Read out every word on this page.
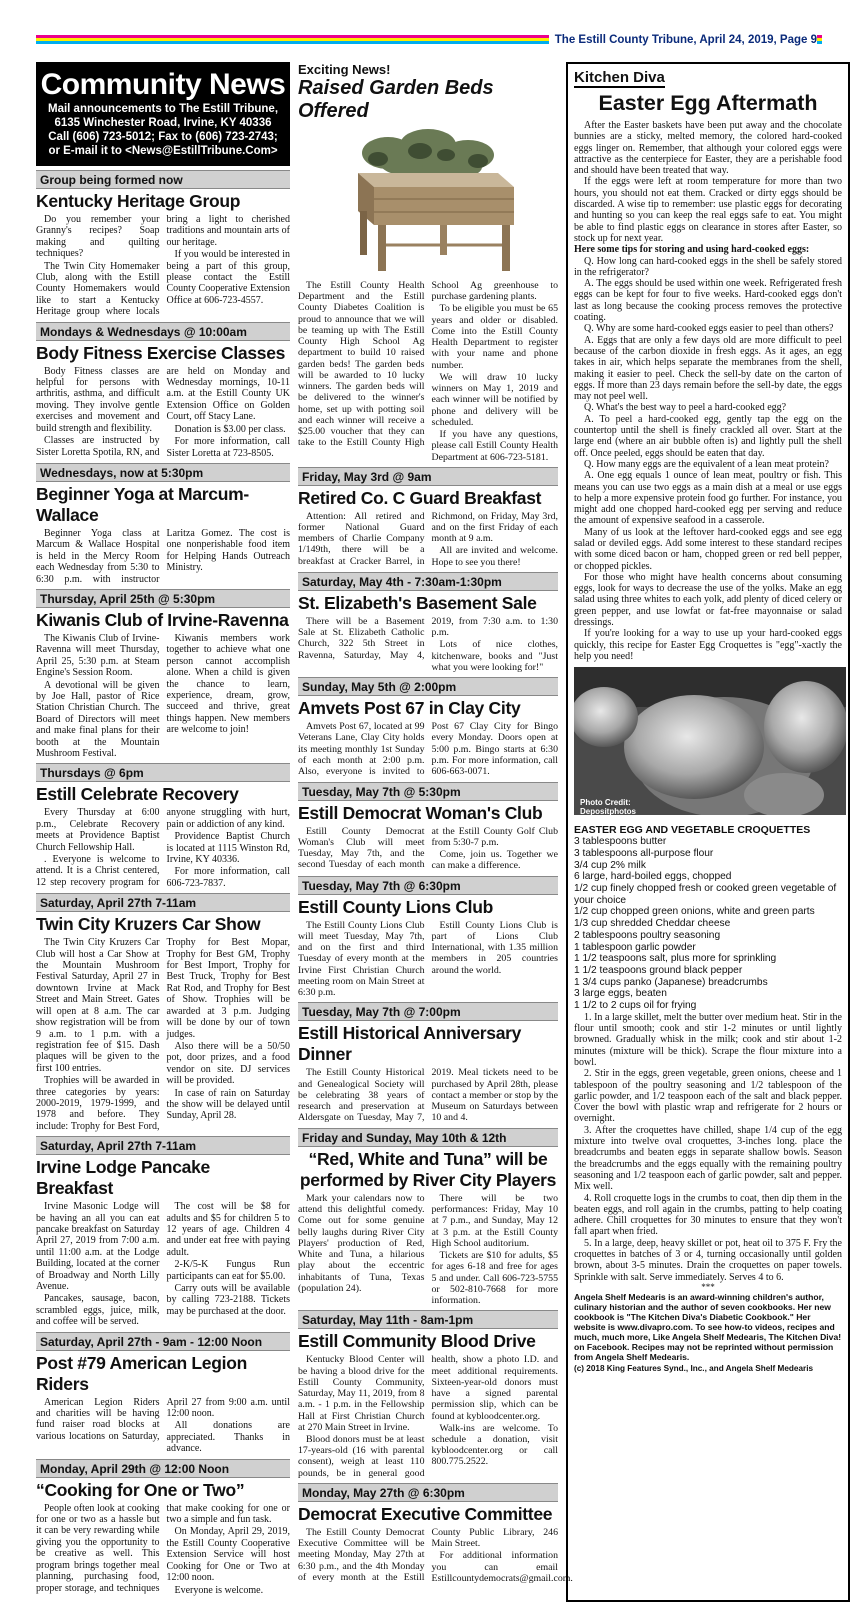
The Estill County Tribune, April 24, 2019, Page 9
Community News
Mail announcements to The Estill Tribune,
6135 Winchester Road, Irvine, KY 40336
Call (606) 723-5012; Fax to (606) 723-2743;
or E-mail it to <News@EstillTribune.Com>
Group being formed now
Kentucky Heritage Group

Do you remember your Granny's recipes? Soap making and quilting techniques?

The Twin City Homemaker Club, along with the Estill County Homemakers would like to start a Kentucky Heritage group where locals bring a light to cherished traditions and mountain arts of our heritage.

If you would be interested in being a part of this group, please contact the Estill County Cooperative Extension Office at 606-723-4557.

Mondays & Wednesdays @ 10:00am
Body Fitness Exercise Classes

Body Fitness classes are helpful for persons with arthritis, asthma, and difficult moving. They involve gentle exercises and movement and build strength and flexibility.

Classes are instructed by Sister Loretta Spotila, RN, and are held on Monday and Wednesday mornings, 10-11 a.m. at the Estill County UK Extension Office on Golden Court, off Stacy Lane.

Donation is $3.00 per class.

For more information, call Sister Loretta at 723-8505.

Wednesdays, now at 5:30pm
Beginner Yoga at Marcum-Wallace

Beginner Yoga class at Marcum & Wallace Hospital is held in the Mercy Room each Wednesday from 5:30 to 6:30 p.m. with instructor Laritza Gomez. The cost is one nonperishable food item for Helping Hands Outreach Ministry.

Thursday, April 25th @ 5:30pm
Kiwanis Club of Irvine-Ravenna

The Kiwanis Club of Irvine-Ravenna will meet Thursday, April 25, 5:30 p.m. at Steam Engine's Session Room.

A devotional will be given by Joe Hall, pastor of Rice Station Christian Church. The Board of Directors will meet and make final plans for their booth at the Mountain Mushroom Festival.

Kiwanis members work together to achieve what one person cannot accomplish alone. When a child is given the chance to learn, experience, dream, grow, succeed and thrive, great things happen. New members are welcome to join!

Thursdays @ 6pm
Estill Celebrate Recovery

Every Thursday at 6:00 p.m., Celebrate Recovery meets at Providence Baptist Church Fellowship Hall.

. Everyone is welcome to attend. It is a Christ centered, 12 step recovery program for anyone struggling with hurt, pain or addiction of any kind.

Providence Baptist Church is located at 1115 Winston Rd, Irvine, KY 40336.

For more information, call 606-723-7837.

Saturday, April 27th 7-11am
Twin City Kruzers Car Show

The Twin City Kruzers Car Club will host a Car Show at the Mountain Mushroom Festival Saturday, April 27 in downtown Irvine at Mack Street and Main Street. Gates will open at 8 a.m. The car show registration will be from 9 a.m. to 1 p.m. with a registration fee of $15. Dash plaques will be given to the first 100 entries.

Trophies will be awarded in three categories by years: 2000-2019, 1979-1999, and 1978 and before. They include: Trophy for Best Ford, Trophy for Best Mopar, Trophy for Best GM, Trophy for Best Import, Trophy for Best Truck, Trophy for Best Rat Rod, and Trophy for Best of Show. Trophies will be awarded at 3 p.m. Judging will be done by our of town judges.

Also there will be a 50/50 pot, door prizes, and a food vendor on site. DJ services will be provided.

In case of rain on Saturday the show will be delayed until Sunday, April 28.

Saturday, April 27th 7-11am
Irvine Lodge Pancake Breakfast

Irvine Masonic Lodge will be having an all you can eat pancake breakfast on Saturday April 27, 2019 from 7:00 a.m. until 11:00 a.m. at the Lodge Building, located at the corner of Broadway and North Lilly Avenue.

Pancakes, sausage, bacon, scrambled eggs, juice, milk, and coffee will be served.

The cost will be $8 for adults and $5 for children 5 to 12 years of age. Children 4 and under eat free with paying adult.

2-K/5-K Fungus Run participants can eat for $5.00.

Carry outs will be available by calling 723-2188. Tickets may be purchased at the door.

Saturday, April 27th - 9am - 12:00 Noon
Post #79 American Legion Riders

American Legion Riders and charities will be having fund raiser road blocks at various locations on Saturday, April 27 from 9:00 a.m. until 12:00 noon.

All donations are appreciated. Thanks in advance.

Monday, April 29th @ 12:00 Noon
“Cooking for One or Two”

People often look at cooking for one or two as a hassle but it can be very rewarding while giving you the opportunity to be creative as well. This program brings together meal planning, purchasing food, proper storage, and techniques that make cooking for one or two a simple and fun task.

On Monday, April 29, 2019, the Estill County Cooperative Extension Service will host Cooking for One or Two at 12:00 noon.

Everyone is welcome.

Exciting News!
Raised Garden Beds Offered

The Estill County Health Department and the Estill County Diabetes Coalition is proud to announce that we will be teaming up with The Estill County High School Ag department to build 10 raised garden beds! The garden beds will be awarded to 10 lucky winners. The garden beds will be delivered to the winner's home, set up with potting soil and each winner will receive a $25.00 voucher that they can take to the Estill County High School Ag greenhouse to purchase gardening plants.

To be eligible you must be 65 years and older or disabled. Come into the Estill County Health Department to register with your name and phone number.

We will draw 10 lucky winners on May 1, 2019 and each winner will be notified by phone and delivery will be scheduled.

If you have any questions, please call Estill County Health Department at 606-723-5181.

Friday, May 3rd @ 9am
Retired Co. C Guard Breakfast

Attention: All retired and former National Guard members of Charlie Company 1/149th, there will be a breakfast at Cracker Barrel, in Richmond, on Friday, May 3rd, and on the first Friday of each month at 9 a.m.

All are invited and welcome. Hope to see you there!

Saturday, May 4th - 7:30am-1:30pm
St. Elizabeth's Basement Sale

There will be a Basement Sale at St. Elizabeth Catholic Church, 322 5th Street in Ravenna, Saturday, May 4, 2019, from 7:30 a.m. to 1:30 p.m.

Lots of nice clothes, kitchenware, books and "Just what you were looking for!"

Sunday, May 5th @ 2:00pm
Amvets Post 67 in Clay City

Amvets Post 67, located at 99 Veterans Lane, Clay City holds its meeting monthly 1st Sunday of each month at 2:00 p.m. Also, everyone is invited to Post 67 Clay City for Bingo every Monday. Doors open at 5:00 p.m. Bingo starts at 6:30 p.m. For more information, call 606-663-0071.

Tuesday, May 7th @ 5:30pm
Estill Democrat Woman's Club

Estill County Democrat Woman's Club will meet Tuesday, May 7th, and the second Tuesday of each month at the Estill County Golf Club from 5:30-7 p.m.

Come, join us. Together we can make a difference.

Tuesday, May 7th @ 6:30pm
Estill County Lions Club

The Estill County Lions Club will meet Tuesday, May 7th, and on the first and third Tuesday of every month at the Irvine First Christian Church meeting room on Main Street at 6:30 p.m.

Estill County Lions Club is part of Lions Club International, with 1.35 million members in 205 countries around the world.

Tuesday, May 7th @ 7:00pm
Estill Historical Anniversary Dinner

The Estill County Historical and Genealogical Society will be celebrating 38 years of research and preservation at Aldersgate on Tuesday, May 7, 2019. Meal tickets need to be purchased by April 28th, please contact a member or stop by the Museum on Saturdays between 10 and 4.

Friday and Sunday, May 10th & 12th
“Red, White and Tuna” will be performed by River City Players

Mark your calendars now to attend this delightful comedy. Come out for some genuine belly laughs during River City Players' production of Red, White and Tuna, a hilarious play about the eccentric inhabitants of Tuna, Texas (population 24).

There will be two performances: Friday, May 10 at 7 p.m., and Sunday, May 12 at 3 p.m. at the Estill County High School auditorium.

Tickets are $10 for adults, $5 for ages 6-18 and free for ages 5 and under. Call 606-723-5755 or 502-810-7668 for more information.

Saturday, May 11th - 8am-1pm
Estill Community Blood Drive

Kentucky Blood Center will be having a blood drive for the Estill County Community, Saturday, May 11, 2019, from 8 a.m. - 1 p.m. in the Fellowship Hall at First Christian Church at 270 Main Street in Irvine.

Blood donors must be at least 17-years-old (16 with parental consent), weigh at least 110 pounds, be in general good health, show a photo I.D. and meet additional requirements. Sixteen-year-old donors must have a signed parental permission slip, which can be found at kybloodcenter.org.

Walk-ins are welcome. To schedule a donation, visit kybloodcenter.org or call 800.775.2522.

Monday, May 27th @ 6:30pm
Democrat Executive Committee

The Estill County Democrat Executive Committee will be meeting Monday, May 27th at 6:30 p.m., and the 4th Monday of every month at the Estill County Public Library, 246 Main Street.

For additional information you can email Estillcountydemocrats@gmail.com.

Kitchen Diva
Easter Egg Aftermath

After the Easter baskets have been put away and the chocolate bunnies are a sticky, melted memory, the colored hard-cooked eggs linger on. Remember, that although your colored eggs were attractive as the centerpiece for Easter, they are a perishable food and should have been treated that way.

If the eggs were left at room temperature for more than two hours, you should not eat them. Cracked or dirty eggs should be discarded. A wise tip to remember: use plastic eggs for decorating and hunting so you can keep the real eggs safe to eat. You might be able to find plastic eggs on clearance in stores after Easter, so stock up for next year.

Here some tips for storing and using hard-cooked eggs:

Q. How long can hard-cooked eggs in the shell be safely stored in the refrigerator?

A. The eggs should be used within one week. Refrigerated fresh eggs can be kept for four to five weeks. Hard-cooked eggs don't last as long because the cooking process removes the protective coating.

Q. Why are some hard-cooked eggs easier to peel than others?

A. Eggs that are only a few days old are more difficult to peel because of the carbon dioxide in fresh eggs. As it ages, an egg takes in air, which helps separate the membranes from the shell, making it easier to peel. Check the sell-by date on the carton of eggs. If more than 23 days remain before the sell-by date, the eggs may not peel well.

Q. What's the best way to peel a hard-cooked egg?

A. To peel a hard-cooked egg, gently tap the egg on the countertop until the shell is finely crackled all over. Start at the large end (where an air bubble often is) and lightly pull the shell off. Once peeled, eggs should be eaten that day.

Q. How many eggs are the equivalent of a lean meat protein?

A. One egg equals 1 ounce of lean meat, poultry or fish. This means you can use two eggs as a main dish at a meal or use eggs to help a more expensive protein food go further. For instance, you might add one chopped hard-cooked egg per serving and reduce the amount of expensive seafood in a casserole.

Many of us look at the leftover hard-cooked eggs and see egg salad or deviled eggs. Add some interest to these standard recipes with some diced bacon or ham, chopped green or red bell pepper, or chopped pickles.

For those who might have health concerns about consuming eggs, look for ways to decrease the use of the yolks. Make an egg salad using three whites to each yolk, add plenty of diced celery or green pepper, and use lowfat or fat-free mayonnaise or salad dressings.

If you're looking for a way to use up your hard-cooked eggs quickly, this recipe for Easter Egg Croquettes is "egg"-xactly the help you need!

Photo Credit:
Depositphotos
EASTER EGG AND VEGETABLE CROQUETTES
3 tablespoons butter
3 tablespoons all-purpose flour
3/4 cup 2% milk
6 large, hard-boiled eggs, chopped
1/2 cup finely chopped fresh or cooked green vegetable of your choice
1/2 cup chopped green onions, white and green parts
1/3 cup shredded Cheddar cheese
2 tablespoons poultry seasoning
1 tablespoon garlic powder
1 1/2 teaspoons salt, plus more for sprinkling
1 1/2 teaspoons ground black pepper
1 3/4 cups panko (Japanese) breadcrumbs
3 large eggs, beaten
1 1/2 to 2 cups oil for frying

1. In a large skillet, melt the butter over medium heat. Stir in the flour until smooth; cook and stir 1-2 minutes or until lightly browned. Gradually whisk in the milk; cook and stir about 1-2 minutes (mixture will be thick). Scrape the flour mixture into a bowl.

2. Stir in the eggs, green vegetable, green onions, cheese and 1 tablespoon of the poultry seasoning and 1/2 tablespoon of the garlic powder, and 1/2 teaspoon each of the salt and black pepper. Cover the bowl with plastic wrap and refrigerate for 2 hours or overnight.

3. After the croquettes have chilled, shape 1/4 cup of the egg mixture into twelve oval croquettes, 3-inches long. place the breadcrumbs and beaten eggs in separate shallow bowls. Season the breadcrumbs and the eggs equally with the remaining poultry seasoning and 1/2 teaspoon each of garlic powder, salt and pepper. Mix well.

4. Roll croquette logs in the crumbs to coat, then dip them in the beaten eggs, and roll again in the crumbs, patting to help coating adhere. Chill croquettes for 30 minutes to ensure that they won't fall apart when fried.

5. In a large, deep, heavy skillet or pot, heat oil to 375 F. Fry the croquettes in batches of 3 or 4, turning occasionally until golden brown, about 3-5 minutes. Drain the croquettes on paper towels. Sprinkle with salt. Serve immediately. Serves 4 to 6.

***
Angela Shelf Medearis is an award-winning children's author, culinary historian and the author of seven cookbooks. Her new cookbook is "The Kitchen Diva's Diabetic Cookbook." Her website is www.divapro.com. To see how-to videos, recipes and much, much more, Like Angela Shelf Medearis, The Kitchen Diva! on Facebook. Recipes may not be reprinted without permission from Angela Shelf Medearis.
(c) 2018 King Features Synd., Inc., and Angela Shelf Medearis
